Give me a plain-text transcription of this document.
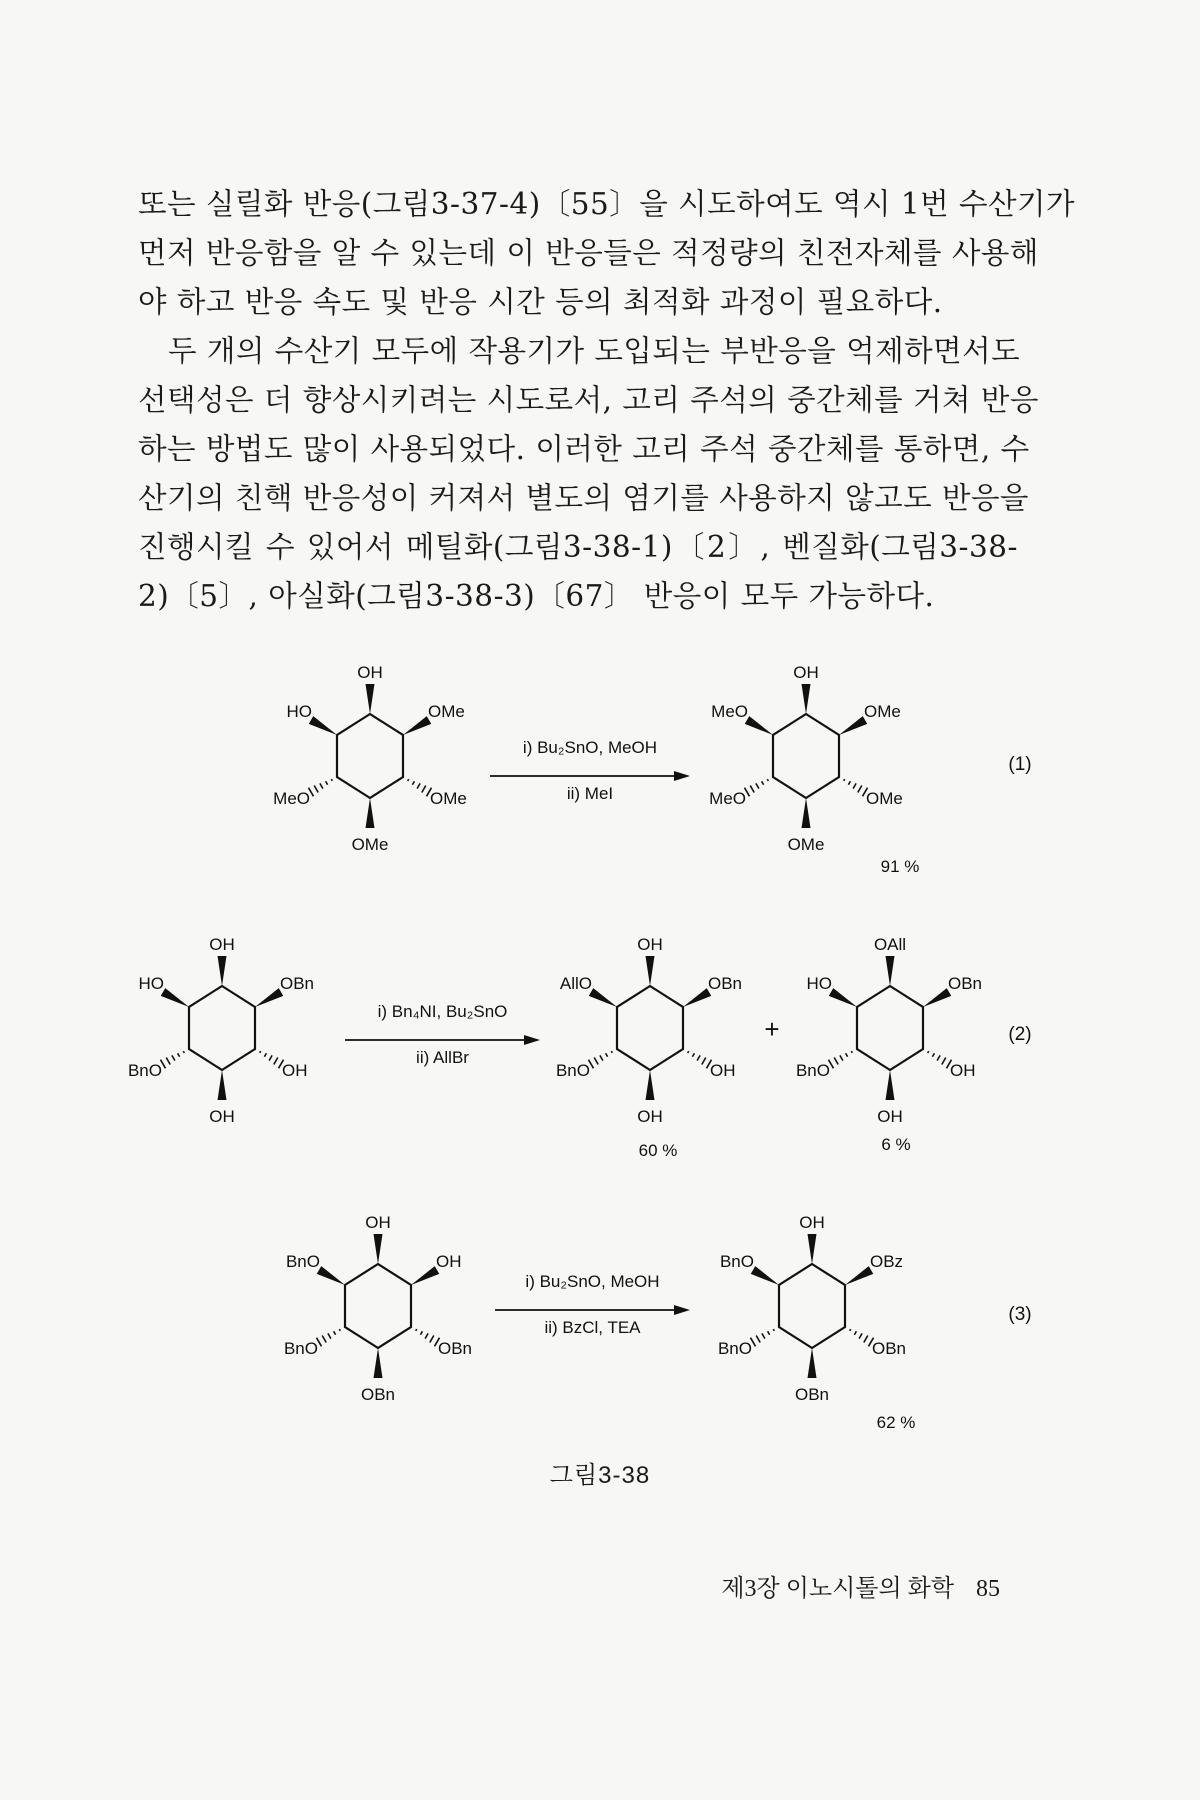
또는 실릴화 반응(그림3-37-4)〔55〕을 시도하여도 역시 1번 수산기가
먼저 반응함을 알 수 있는데 이 반응들은 적정량의 친전자체를 사용해
야 하고 반응 속도 및 반응 시간 등의 최적화 과정이 필요하다.
두 개의 수산기 모두에 작용기가 도입되는 부반응을 억제하면서도
선택성은 더 향상시키려는 시도로서, 고리 주석의 중간체를 거쳐 반응
하는 방법도 많이 사용되었다. 이러한 고리 주석 중간체를 통하면, 수
산기의 친핵 반응성이 커져서 별도의 염기를 사용하지 않고도 반응을
진행시킬 수 있어서 메틸화(그림3-38-1)〔2〕, 벤질화(그림3-38-
2)〔5〕, 아실화(그림3-38-3)〔67〕 반응이 모두 가능하다.
OH
HO	OMe
MeO	OMe
OMe
i) Bu₂SnO, MeOH
ii) MeI
OH
MeO	OMe
MeO	OMe
OMe
91 %
(1)
OH
HO	OBn
BnO	OH
OH
i) Bn₄NI, Bu₂SnO
ii) AllBr
OH
AllO	OBn
BnO	OH
OH
+
OAll
HO	OBn
BnO	OH
OH
60 %	6 %
(2)
OH
BnO	OH
BnO	OBn
OBn
i) Bu₂SnO, MeOH
ii) BzCl, TEA
OH
BnO	OBz
BnO	OBn
OBn
62 %
(3)
그림3-38
제3장 이노시톨의 화학 85
